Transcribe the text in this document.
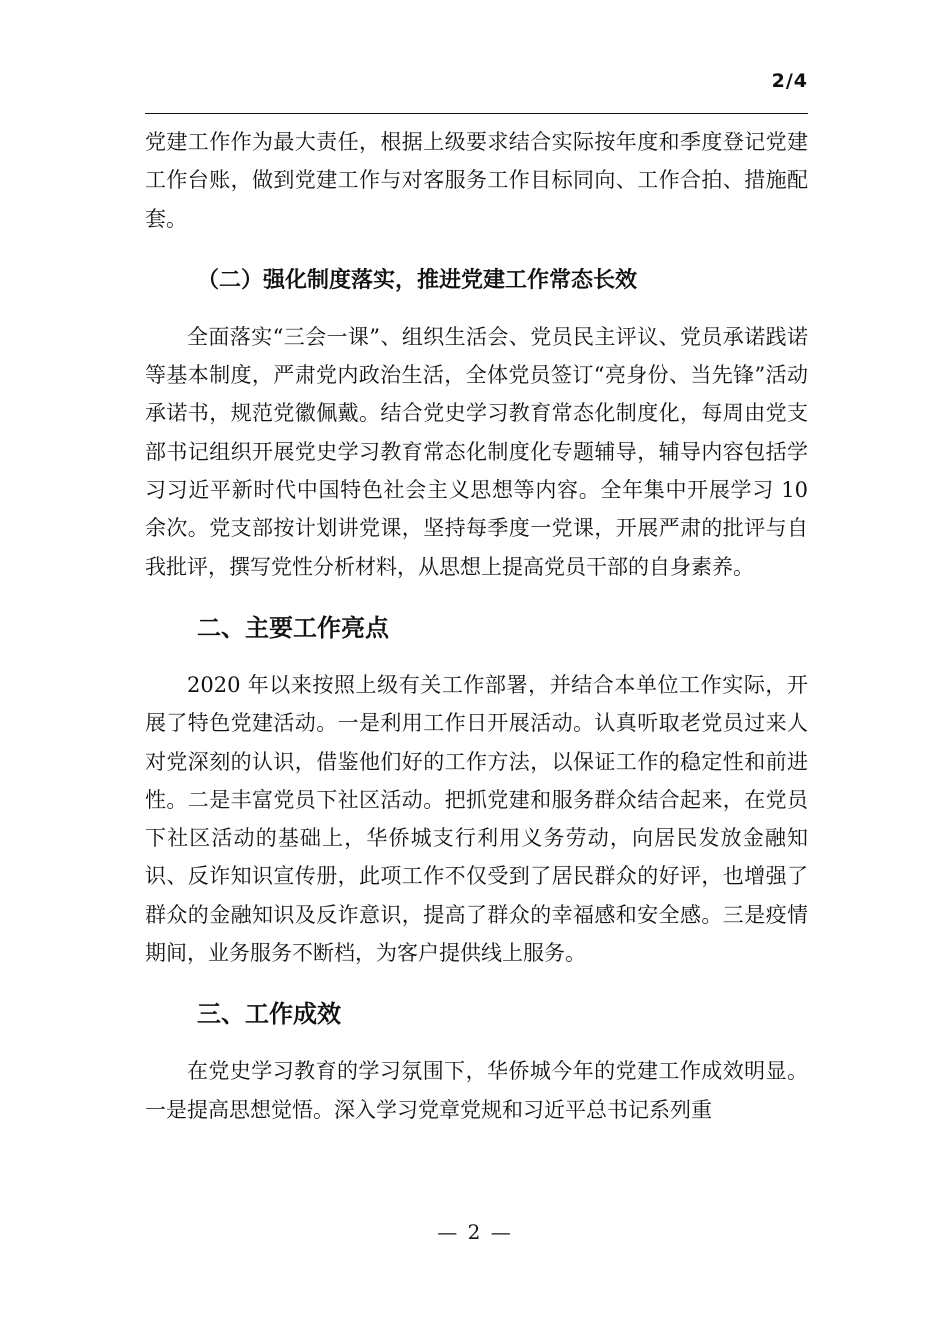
2/4

党建工作作为最大责任，根据上级要求结合实际按年度和季度登记党建工作台账，做到党建工作与对客服务工作目标同向、工作合拍、措施配套。

（二）强化制度落实，推进党建工作常态长效

全面落实“三会一课”、组织生活会、党员民主评议、党员承诺践诺等基本制度，严肃党内政治生活，全体党员签订“亮身份、当先锋”活动承诺书，规范党徽佩戴。结合党史学习教育常态化制度化，每周由党支部书记组织开展党史学习教育常态化制度化专题辅导，辅导内容包括学习习近平新时代中国特色社会主义思想等内容。全年集中开展学习 10 余次。党支部按计划讲党课，坚持每季度一党课，开展严肃的批评与自我批评，撰写党性分析材料，从思想上提高党员干部的自身素养。

二、主要工作亮点

2020 年以来按照上级有关工作部署，并结合本单位工作实际，开展了特色党建活动。一是利用工作日开展活动。认真听取老党员过来人对党深刻的认识，借鉴他们好的工作方法，以保证工作的稳定性和前进性。二是丰富党员下社区活动。把抓党建和服务群众结合起来，在党员下社区活动的基础上，华侨城支行利用义务劳动，向居民发放金融知识、反诈知识宣传册，此项工作不仅受到了居民群众的好评，也增强了群众的金融知识及反诈意识，提高了群众的幸福感和安全感。三是疫情期间，业务服务不断档，为客户提供线上服务。

三、工作成效

在党史学习教育的学习氛围下，华侨城今年的党建工作成效明显。一是提高思想觉悟。深入学习党章党规和习近平总书记系列重

— 2 —
